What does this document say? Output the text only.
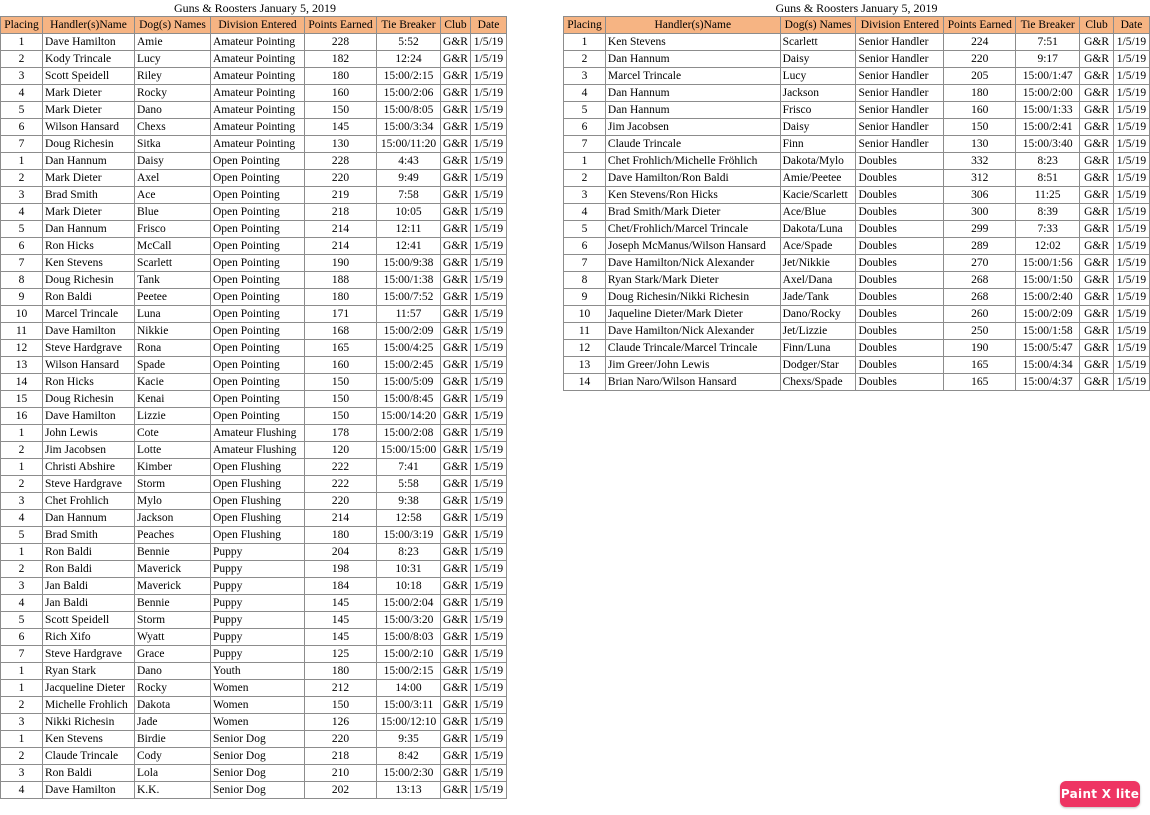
Guns & Roosters January 5, 2019
Placing	Handler(s)Name	Dog(s) Names	Division Entered	Points Earned	Tie Breaker	Club	Date
1	Dave Hamilton	Amie	Amateur Pointing	228	5:52	G&R	1/5/19
2	Kody Trincale	Lucy	Amateur Pointing	182	12:24	G&R	1/5/19
3	Scott Speidell	Riley	Amateur Pointing	180	15:00/2:15	G&R	1/5/19
4	Mark Dieter	Rocky	Amateur Pointing	160	15:00/2:06	G&R	1/5/19
5	Mark Dieter	Dano	Amateur Pointing	150	15:00/8:05	G&R	1/5/19
6	Wilson Hansard	Chexs	Amateur Pointing	145	15:00/3:34	G&R	1/5/19
7	Doug Richesin	Sitka	Amateur Pointing	130	15:00/11:20	G&R	1/5/19
1	Dan Hannum	Daisy	Open Pointing	228	4:43	G&R	1/5/19
2	Mark Dieter	Axel	Open Pointing	220	9:49	G&R	1/5/19
3	Brad Smith	Ace	Open Pointing	219	7:58	G&R	1/5/19
4	Mark Dieter	Blue	Open Pointing	218	10:05	G&R	1/5/19
5	Dan Hannum	Frisco	Open Pointing	214	12:11	G&R	1/5/19
6	Ron Hicks	McCall	Open Pointing	214	12:41	G&R	1/5/19
7	Ken Stevens	Scarlett	Open Pointing	190	15:00/9:38	G&R	1/5/19
8	Doug Richesin	Tank	Open Pointing	188	15:00/1:38	G&R	1/5/19
9	Ron Baldi	Peetee	Open Pointing	180	15:00/7:52	G&R	1/5/19
10	Marcel Trincale	Luna	Open Pointing	171	11:57	G&R	1/5/19
11	Dave Hamilton	Nikkie	Open Pointing	168	15:00/2:09	G&R	1/5/19
12	Steve Hardgrave	Rona	Open Pointing	165	15:00/4:25	G&R	1/5/19
13	Wilson Hansard	Spade	Open Pointing	160	15:00/2:45	G&R	1/5/19
14	Ron Hicks	Kacie	Open Pointing	150	15:00/5:09	G&R	1/5/19
15	Doug Richesin	Kenai	Open Pointing	150	15:00/8:45	G&R	1/5/19
16	Dave Hamilton	Lizzie	Open Pointing	150	15:00/14:20	G&R	1/5/19
1	John Lewis	Cote	Amateur Flushing	178	15:00/2:08	G&R	1/5/19
2	Jim Jacobsen	Lotte	Amateur Flushing	120	15:00/15:00	G&R	1/5/19
1	Christi Abshire	Kimber	Open Flushing	222	7:41	G&R	1/5/19
2	Steve Hardgrave	Storm	Open Flushing	222	5:58	G&R	1/5/19
3	Chet Frohlich	Mylo	Open Flushing	220	9:38	G&R	1/5/19
4	Dan Hannum	Jackson	Open Flushing	214	12:58	G&R	1/5/19
5	Brad Smith	Peaches	Open Flushing	180	15:00/3:19	G&R	1/5/19
1	Ron Baldi	Bennie	Puppy	204	8:23	G&R	1/5/19
2	Ron Baldi	Maverick	Puppy	198	10:31	G&R	1/5/19
3	Jan Baldi	Maverick	Puppy	184	10:18	G&R	1/5/19
4	Jan Baldi	Bennie	Puppy	145	15:00/2:04	G&R	1/5/19
5	Scott Speidell	Storm	Puppy	145	15:00/3:20	G&R	1/5/19
6	Rich Xifo	Wyatt	Puppy	145	15:00/8:03	G&R	1/5/19
7	Steve Hardgrave	Grace	Puppy	125	15:00/2:10	G&R	1/5/19
1	Ryan Stark	Dano	Youth	180	15:00/2:15	G&R	1/5/19
1	Jacqueline Dieter	Rocky	Women	212	14:00	G&R	1/5/19
2	Michelle Frohlich	Dakota	Women	150	15:00/3:11	G&R	1/5/19
3	Nikki Richesin	Jade	Women	126	15:00/12:10	G&R	1/5/19
1	Ken Stevens	Birdie	Senior Dog	220	9:35	G&R	1/5/19
2	Claude Trincale	Cody	Senior Dog	218	8:42	G&R	1/5/19
3	Ron Baldi	Lola	Senior Dog	210	15:00/2:30	G&R	1/5/19
4	Dave Hamilton	K.K.	Senior Dog	202	13:13	G&R	1/5/19
Guns & Roosters January 5, 2019
Placing	Handler(s)Name	Dog(s) Names	Division Entered	Points Earned	Tie Breaker	Club	Date
1	Ken Stevens	Scarlett	Senior Handler	224	7:51	G&R	1/5/19
2	Dan Hannum	Daisy	Senior Handler	220	9:17	G&R	1/5/19
3	Marcel Trincale	Lucy	Senior Handler	205	15:00/1:47	G&R	1/5/19
4	Dan Hannum	Jackson	Senior Handler	180	15:00/2:00	G&R	1/5/19
5	Dan Hannum	Frisco	Senior Handler	160	15:00/1:33	G&R	1/5/19
6	Jim Jacobsen	Daisy	Senior Handler	150	15:00/2:41	G&R	1/5/19
7	Claude Trincale	Finn	Senior Handler	130	15:00/3:40	G&R	1/5/19
1	Chet Frohlich/Michelle Fröhlich	Dakota/Mylo	Doubles	332	8:23	G&R	1/5/19
2	Dave Hamilton/Ron Baldi	Amie/Peetee	Doubles	312	8:51	G&R	1/5/19
3	Ken Stevens/Ron Hicks	Kacie/Scarlett	Doubles	306	11:25	G&R	1/5/19
4	Brad Smith/Mark Dieter	Ace/Blue	Doubles	300	8:39	G&R	1/5/19
5	Chet/Frohlich/Marcel Trincale	Dakota/Luna	Doubles	299	7:33	G&R	1/5/19
6	Joseph McManus/Wilson Hansard	Ace/Spade	Doubles	289	12:02	G&R	1/5/19
7	Dave Hamilton/Nick Alexander	Jet/Nikkie	Doubles	270	15:00/1:56	G&R	1/5/19
8	Ryan Stark/Mark Dieter	Axel/Dana	Doubles	268	15:00/1:50	G&R	1/5/19
9	Doug Richesin/Nikki Richesin	Jade/Tank	Doubles	268	15:00/2:40	G&R	1/5/19
10	Jaqueline Dieter/Mark Dieter	Dano/Rocky	Doubles	260	15:00/2:09	G&R	1/5/19
11	Dave Hamilton/Nick Alexander	Jet/Lizzie	Doubles	250	15:00/1:58	G&R	1/5/19
12	Claude Trincale/Marcel Trincale	Finn/Luna	Doubles	190	15:00/5:47	G&R	1/5/19
13	Jim Greer/John Lewis	Dodger/Star	Doubles	165	15:00/4:34	G&R	1/5/19
14	Brian Naro/Wilson Hansard	Chexs/Spade	Doubles	165	15:00/4:37	G&R	1/5/19
Paint X lite
